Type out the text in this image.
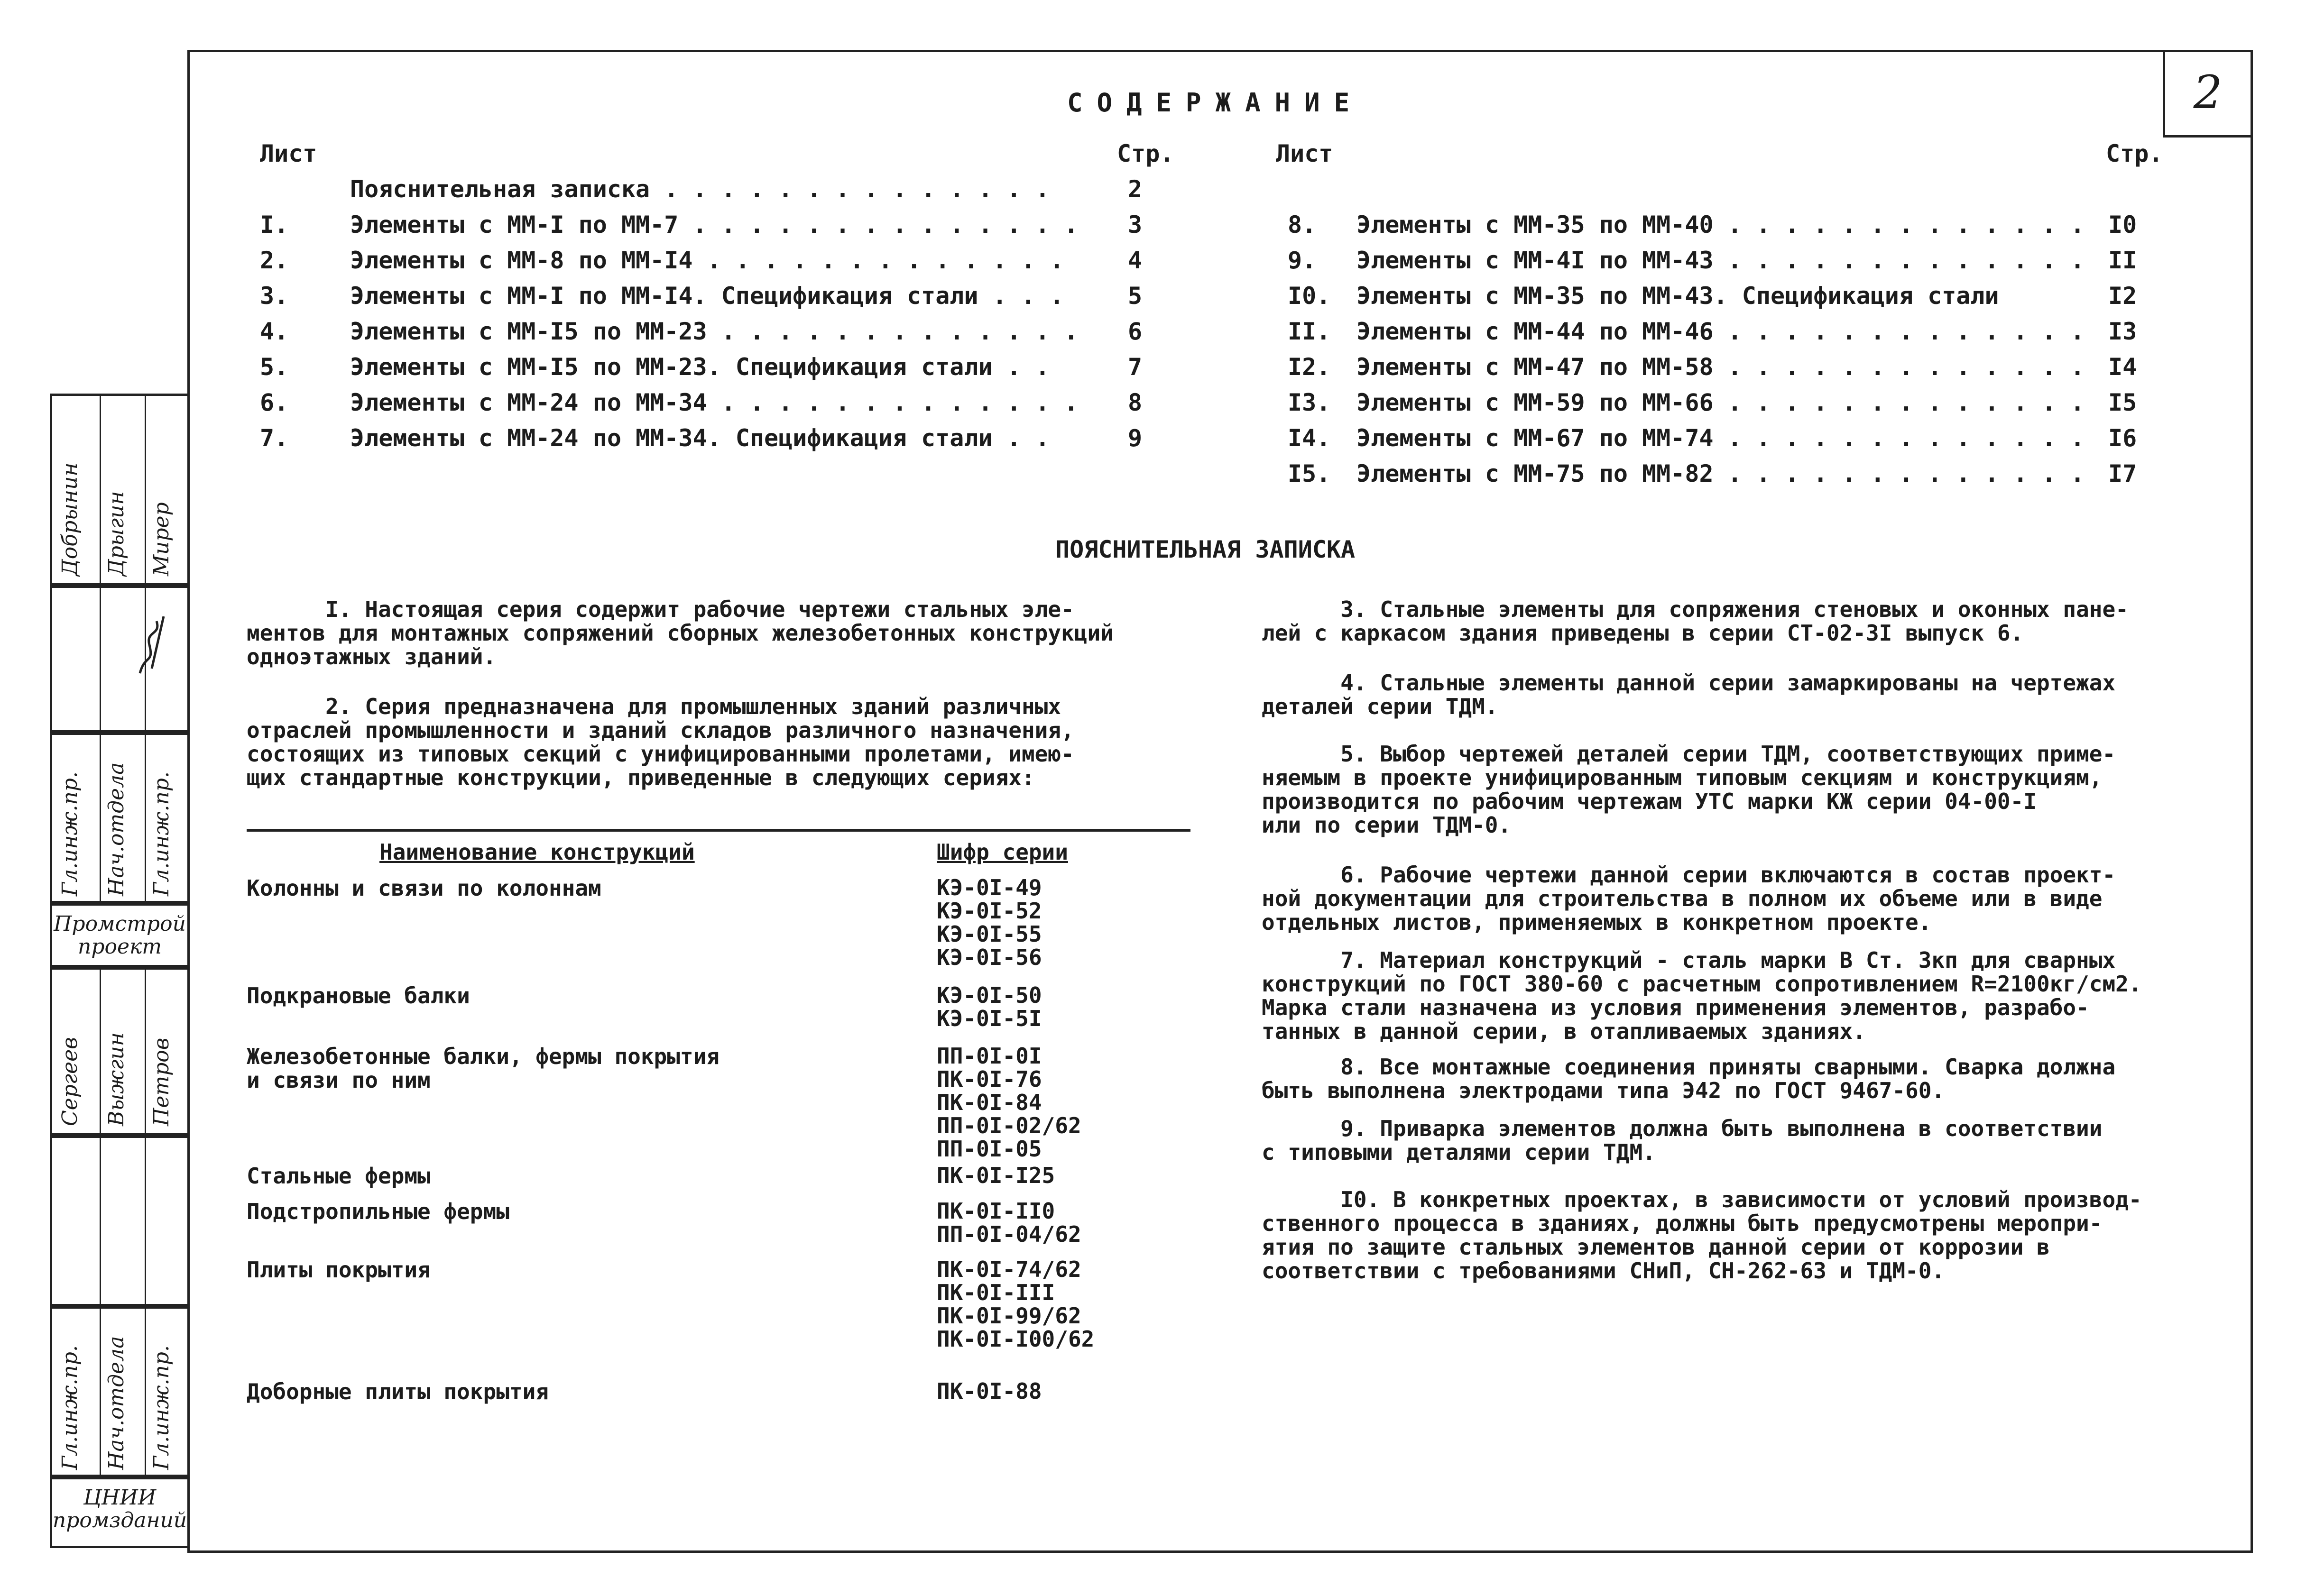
2
СОДЕРЖАНИЕ
Лист	Стр.	Лист	Стр.
Пояснительная записка . . . . . . . . . . . . . .	2
I.	Элементы с ММ-I по ММ-7 . . . . . . . . . . . . . . 3
2.	Элементы с ММ-8 по ММ-I4 . . . . . . . . . . . . .	4
3.	Элементы с ММ-I по ММ-I4. Спецификация стали . . .	5
4.	Элементы с ММ-I5 по ММ-23 . . . . . . . . . . . . . 6
5.	Элементы с ММ-I5 по ММ-23. Спецификация стали . .	7
6.	Элементы с ММ-24 по ММ-34 . . . . . . . . . . . . . 8
7.	Элементы с ММ-24 по ММ-34. Спецификация стали . .	9
8. Элементы с ММ-35 по ММ-40 . . . . . . . . . . . . . I0
9. Элементы с ММ-4I по ММ-43 . . . . . . . . . . . . . II
I0. Элементы с ММ-35 по ММ-43. Спецификация стали	I2
II. Элементы с ММ-44 по ММ-46 . . . . . . . . . . . . . I3
I2. Элементы с ММ-47 по ММ-58 . . . . . . . . . . . . . I4
I3. Элементы с ММ-59 по ММ-66 . . . . . . . . . . . . . I5
I4. Элементы с ММ-67 по ММ-74 . . . . . . . . . . . . . I6
I5. Элементы с ММ-75 по ММ-82 . . . . . . . . . . . . . I7
ПОЯСНИТЕЛЬНАЯ ЗАПИСКА
I. Настоящая серия содержит рабочие чертежи стальных эле-
ментов для монтажных сопряжений сборных железобетонных конструкций
одноэтажных зданий.
2. Серия предназначена для промышленных зданий различных
отраслей промышленности и зданий складов различного назначения,
состоящих из типовых секций с унифицированными пролетами, имею-
щих стандартные конструкции, приведенные в следующих сериях:
Наименование конструкций	Шифр серии
Колонны и связи по колоннам	КЭ-0I-49
КЭ-0I-52
КЭ-0I-55
КЭ-0I-56
Подкрановые балки	КЭ-0I-50
КЭ-0I-5I
Железобетонные балки, фермы покрытия
и связи по ним
ПП-0I-0I
ПК-0I-76
ПК-0I-84
ПП-0I-02/62
ПП-0I-05
Стальные фермы	ПК-0I-I25
Подстропильные фермы	ПК-0I-II0
ПП-0I-04/62
Плиты покрытия	ПК-0I-74/62
ПК-0I-III
ПК-0I-99/62
ПК-0I-I00/62
Доборные плиты покрытия	ПК-0I-88
3. Стальные элементы для сопряжения стеновых и оконных пане-
лей с каркасом здания приведены в серии СТ-02-3I выпуск 6.
4. Стальные элементы данной серии замаркированы на чертежах
деталей серии ТДМ.
5. Выбор чертежей деталей серии ТДМ, соответствующих приме-
няемым в проекте унифицированным типовым секциям и конструкциям,
производится по рабочим чертежам УТС марки КЖ серии 04-00-I
или по серии ТДМ-0.
6. Рабочие чертежи данной серии включаются в состав проект-
ной документации для строительства в полном их объеме или в виде
отдельных листов, применяемых в конкретном проекте.
7. Материал конструкций - сталь марки В Ст. 3кп для сварных
конструкций по ГОСТ 380-60 с расчетным сопротивлением R=2100кг/см2.
Марка стали назначена из условия применения элементов, разрабо-
танных в данной серии, в отапливаемых зданиях.
8. Все монтажные соединения приняты сварными. Сварка должна
быть выполнена электродами типа Э42 по ГОСТ 9467-60.
9. Приварка элементов должна быть выполнена в соответствии
с типовыми деталями серии ТДМ.
I0. В конкретных проектах, в зависимости от условий производ-
ственного процесса в зданиях, должны быть предусмотрены меропри-
ятия по защите стальных элементов данной серии от коррозии в
соответствии с требованиями СНиП, СН-262-63 и ТДМ-0.
Добрынин Дрыгин Мирер
Гл.инж.пр. Нач.отдела Гл.инж.пр.
Промстрой проект
Сергеев Выжгин Петров
Гл.инж.пр. Нач.отдела Гл.инж.пр.
ЦНИИ промзданий
